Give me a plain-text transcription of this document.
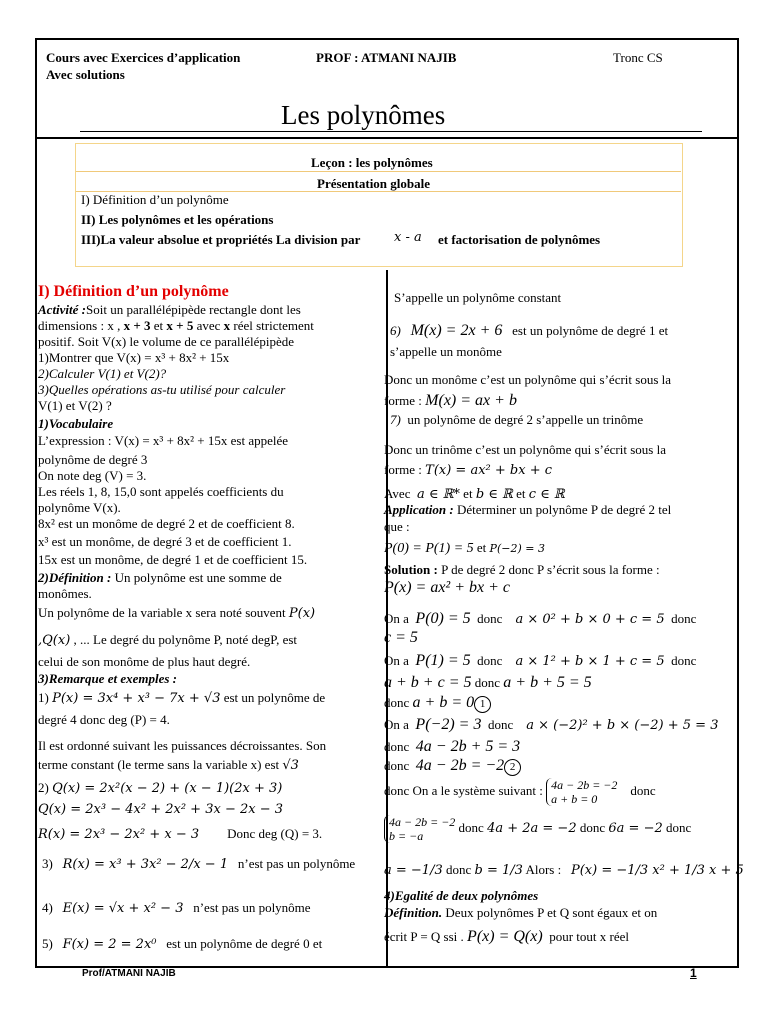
Cours avec Exercices d’application
Avec solutions
PROF : ATMANI NAJIB	Tronc CS
Les polynômes
Leçon : les polynômes
Présentation globale
I) Définition d’un polynôme
II) Les polynômes et les opérations
III)La valeur absolue et propriétés La division par	x - a et factorisation de polynômes
I) Définition d’un polynôme
Activité :Soit un parallélépipède rectangle dont les
dimensions : x , x + 3 et x + 5 avec x réel strictement
positif. Soit V(x) le volume de ce parallélépipède
1)Montrer que V(x) = x³ + 8x² + 15x
2)Calculer V(1) et V(2)?
3)Quelles opérations as-tu utilisé pour calculer
V(1) et V(2) ?
1)Vocabulaire
L’expression : V(x) = x³ + 8x² + 15x est appelée
polynôme de degré 3
On note deg (V) = 3.
Les réels 1, 8, 15,0 sont appelés coefficients du
polynôme V(x).
8x² est un monôme de degré 2 et de coefficient 8.
x³ est un monôme, de degré 3 et de coefficient 1.
15x est un monôme, de degré 1 et de coefficient 15.
2)Définition : Un polynôme est une somme de
monômes.
Un polynôme de la variable x sera noté souvent P(x)
,Q(x) , ... Le degré du polynôme P, noté degP, est
celui de son monôme de plus haut degré.
3)Remarque et exemples :
1) P(x) = 3x⁴ + x³ − 7x + √3 est un polynôme de
degré 4 donc deg (P) = 4.
Il est ordonné suivant les puissances décroissantes. Son
terme constant (le terme sans la variable x) est √3
2) Q(x) = 2x²(x − 2) + (x − 1)(2x + 3)
Q(x) = 2x³ − 4x² + 2x² + 3x − 2x − 3
R(x) = 2x³ − 2x² + x − 3 Donc deg (Q) = 3.
3) R(x) = x³ + 3x² − 2/x − 1 n’est pas un polynôme
4) E(x) = √x + x² − 3 n’est pas un polynôme
5) F(x) = 2 = 2x⁰ est un polynôme de degré 0 et
S’appelle un polynôme constant
6) M(x) = 2x + 6 est un polynôme de degré 1 et
s’appelle un monôme
Donc un monôme c’est un polynôme qui s’écrit sous la
forme : M(x) = ax + b
7) un polynôme de degré 2 s’appelle un trinôme
Donc un trinôme c’est un polynôme qui s’écrit sous la
forme : T(x) = ax² + bx + c
Avec a ∈ ℝ* et b ∈ ℝ et c ∈ ℝ
Application : Déterminer un polynôme P de degré 2 tel
que :
P(0) = P(1) = 5 et P(−2) = 3
Solution : P de degré 2 donc P s’écrit sous la forme :
P(x) = ax² + bx + c
On a P(0) = 5 donc a × 0² + b × 0 + c = 5 donc
c = 5
On a P(1) = 5 donc a × 1² + b × 1 + c = 5 donc
a + b + c = 5 donc a + b + 5 = 5
donc a + b = 0 1
On a P(−2) = 3 donc a × (−2)² + b × (−2) + 5 = 3
donc 4a − 2b + 5 = 3
donc 4a − 2b = −2 2
donc On a le système suivant : 4a − 2b = −2
a + b = 0    donc
4a − 2b = −2
b = −a donc 4a + 2a = −2 donc 6a = −2 donc
a = −1/3 donc b = 1/3 Alors : P(x) = −1/3 x² + 1/3 x + 5
4)Egalité de deux polynômes
Définition. Deux polynômes P et Q sont égaux et on
écrit P = Q ssi . P(x) = Q(x) pour tout x réel
Prof/ATMANI NAJIB	1
